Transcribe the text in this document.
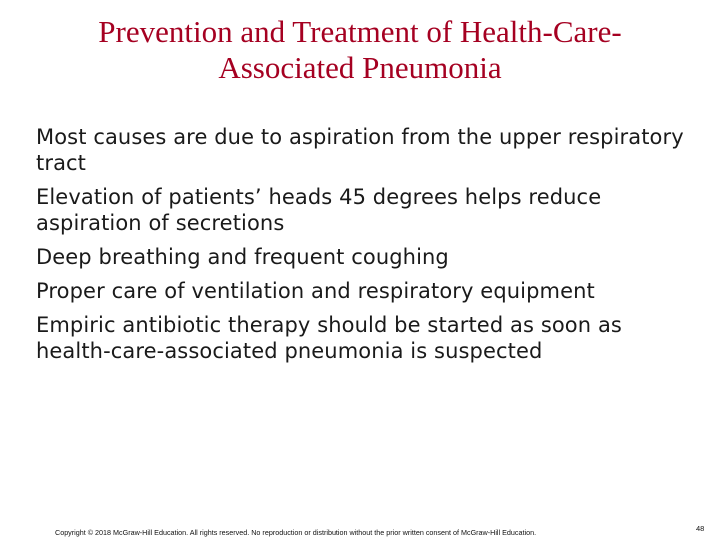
Prevention and Treatment of Health-Care-
Associated Pneumonia
Most causes are due to aspiration from the upper respiratory tract
Elevation of patients’ heads 45 degrees helps reduce aspiration of secretions
Deep breathing and frequent coughing
Proper care of ventilation and respiratory equipment
Empiric antibiotic therapy should be started as soon as health-care-associated pneumonia is suspected
Copyright © 2018 McGraw-Hill Education. All rights reserved. No reproduction or distribution without the prior written consent of McGraw-Hill Education.	48
